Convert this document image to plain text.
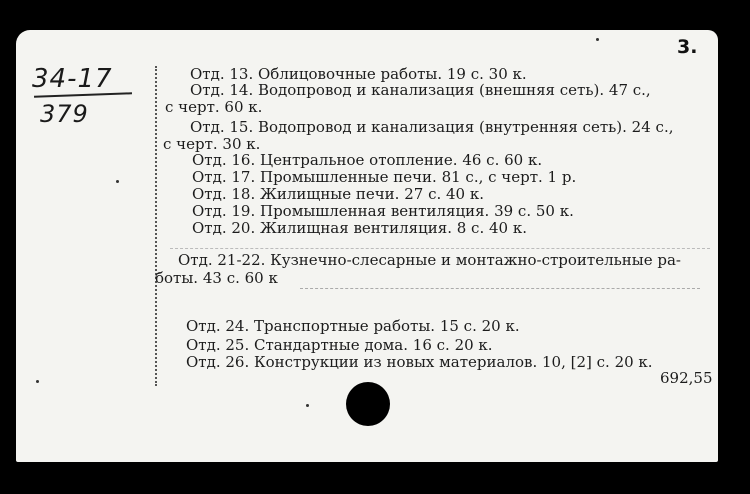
3.
34-17
379
Отд. 13. Облицовочные работы. 19 с. 30 к.
Отд. 14. Водопровод и канализация (внешняя сеть). 47 с.,
с черт. 60 к.
Отд. 15. Водопровод и канализация (внутренняя сеть). 24 с.,
с черт. 30 к.
Отд. 16. Центральное отопление. 46 с. 60 к.
Отд. 17. Промышленные печи. 81 с., с черт. 1 р.
Отд. 18. Жилищные печи. 27 с. 40 к.
Отд. 19. Промышленная вентиляция. 39 с. 50 к.
Отд. 20. Жилищная вентиляция. 8 с. 40 к.
Отд. 21-22. Кузнечно-слесарные и монтажно-строительные ра-
боты. 43 с. 60 к
Отд. 24. Транспортные работы. 15 с. 20 к.
Отд. 25. Стандартные дома. 16 с. 20 к.
Отд. 26. Конструкции из новых материалов. 10, [2] с. 20 к.
692,55
